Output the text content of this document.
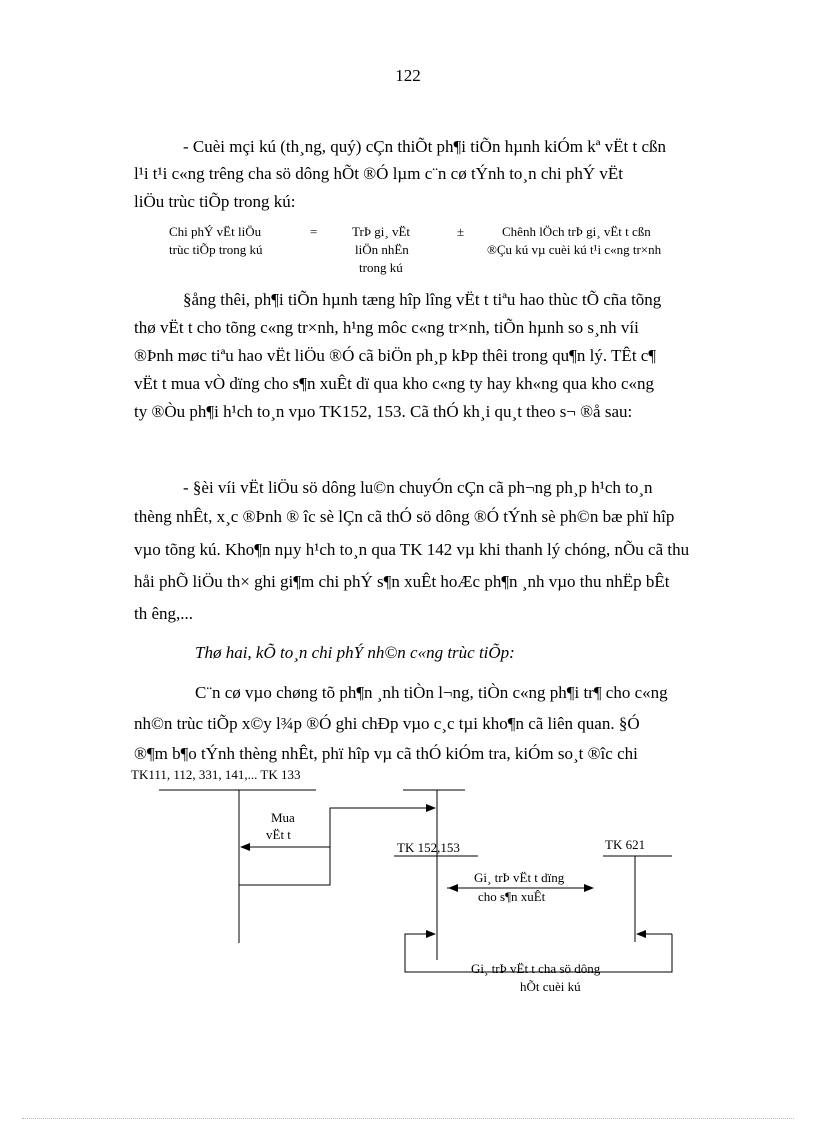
122
- Cuèi mçi kú (th¸ng, quý) cÇn thiÕt ph¶i tiÕn hµnh kiÓm kª vËt t cßn
l¹i t¹i c«ng trêng cha sö dông hÕt ®Ó lµm c¨n cø tÝnh to¸n chi phÝ vËt
liÖu trùc tiÕp trong kú:
Chi phÝ vËt liÖu
trùc tiÕp trong kú
=	TrÞ gi¸ vËt
liÖn nhËn
trong kú
±	Chênh lÖch trÞ gi¸ vËt t cßn
®Çu kú vµ cuèi kú t¹i c«ng tr×nh
§ång thêi, ph¶i tiÕn hµnh tæng hîp lîng vËt t tiªu hao thùc tÕ cña tõng
thø vËt t cho tõng c«ng tr×nh, h¹ng môc c«ng tr×nh, tiÕn hµnh so s¸nh víi
®Þnh møc tiªu hao vËt liÖu ®Ó cã biÖn ph¸p kÞp thêi trong qu¶n lý. TÊt c¶
vËt t mua vÒ dïng cho s¶n xuÊt dï qua kho c«ng ty hay kh«ng qua kho c«ng
ty ®Òu ph¶i h¹ch to¸n vµo TK152, 153. Cã thÓ kh¸i qu¸t theo s¬ ®å sau:
- §èi víi vËt liÖu sö dông lu©n chuyÓn cÇn cã ph¬ng ph¸p h¹ch to¸n
thèng nhÊt, x¸c ®Þnh ® îc sè lÇn cã thÓ sö dông ®Ó tÝnh sè ph©n bæ phï hîp
vµo tõng kú. Kho¶n nµy h¹ch to¸n qua TK 142 vµ khi thanh lý chóng, nÕu cã thu
håi phÕ liÖu th× ghi gi¶m chi phÝ s¶n xuÊt hoÆc ph¶n ¸nh vµo thu nhËp bÊt
th êng,...
Thø hai, kÕ to¸n chi phÝ nh©n c«ng trùc tiÕp:
C¨n cø vµo chøng tõ ph¶n ¸nh tiÒn l¬ng, tiÒn c«ng ph¶i tr¶ cho c«ng
nh©n trùc tiÕp x©y l¾p ®Ó ghi chÐp vµo c¸c tµi kho¶n cã liên quan. §Ó
®¶m b¶o tÝnh thèng nhÊt, phï hîp vµ cã thÓ kiÓm tra, kiÓm so¸t ®îc chi
TK111, 112, 331, 141,... TK 133
Mua
vËt t
TK 152,153	TK 621
Gi¸ trÞ vËt t dïng
cho s¶n xuÊt
Gi¸ trÞ vËt t cha sö dông
hÕt cuèi kú
